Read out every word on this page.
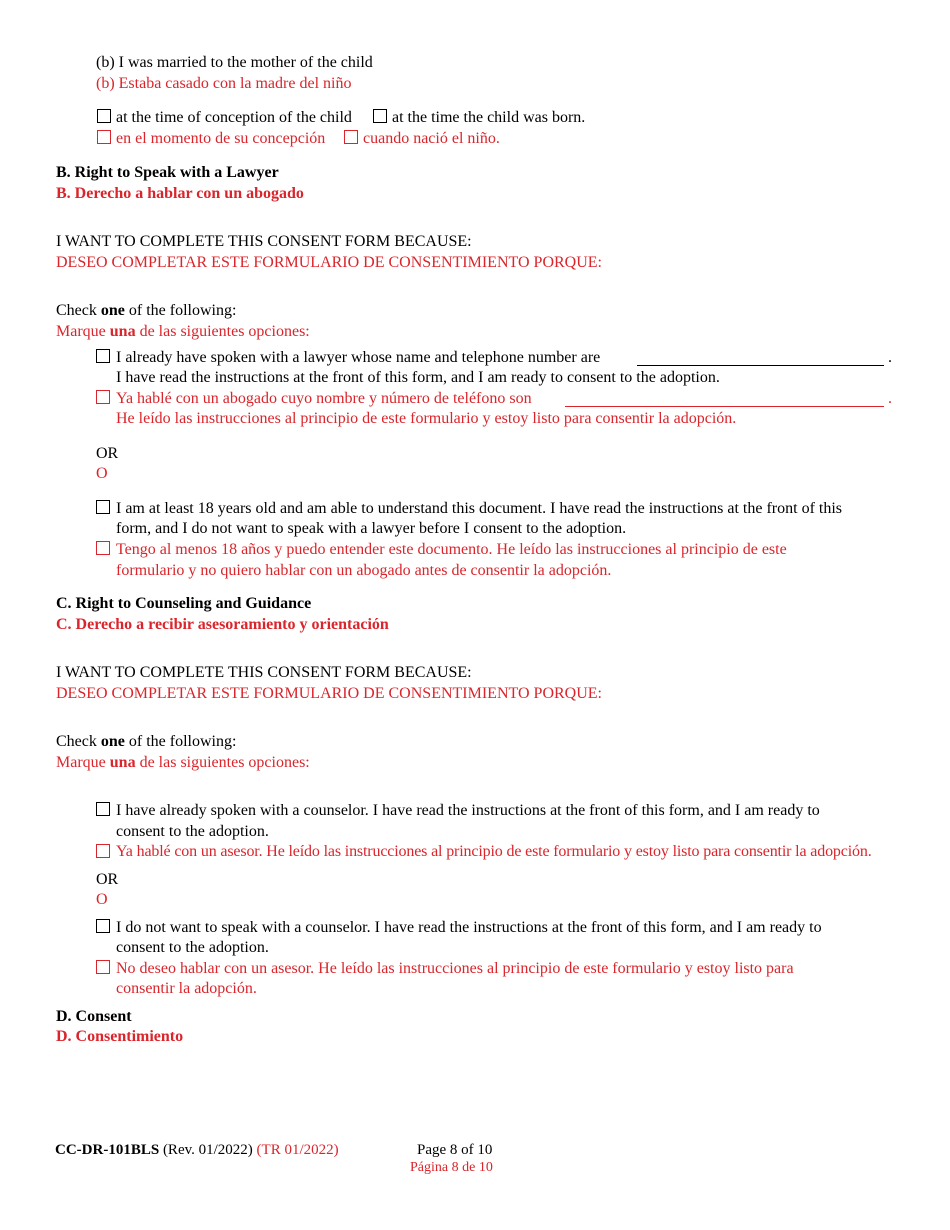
(b) I was married to the mother of the child
(b) Estaba casado con la madre del niño
at the time of conception of the child	at the time the child was born.
en el momento de su concepción cuando nació el niño.
B. Right to Speak with a Lawyer
B. Derecho a hablar con un abogado
I WANT TO COMPLETE THIS CONSENT FORM BECAUSE:
DESEO COMPLETAR ESTE FORMULARIO DE CONSENTIMIENTO PORQUE:
Check one of the following:
Marque una de las siguientes opciones:
I already have spoken with a lawyer whose name and telephone number are	.
I have read the instructions at the front of this form, and I am ready to consent to the adoption.
Ya hablé con un abogado cuyo nombre y número de teléfono son	.
He leído las instrucciones al principio de este formulario y estoy listo para consentir la adopción.
OR
O
I am at least 18 years old and am able to understand this document. I have read the instructions at the front of this
form, and I do not want to speak with a lawyer before I consent to the adoption.
Tengo al menos 18 años y puedo entender este documento. He leído las instrucciones al principio de este
formulario y no quiero hablar con un abogado antes de consentir la adopción.
C. Right to Counseling and Guidance
C. Derecho a recibir asesoramiento y orientación
I WANT TO COMPLETE THIS CONSENT FORM BECAUSE:
DESEO COMPLETAR ESTE FORMULARIO DE CONSENTIMIENTO PORQUE:
Check one of the following:
Marque una de las siguientes opciones:
I have already spoken with a counselor. I have read the instructions at the front of this form, and I am ready to
consent to the adoption.
Ya hablé con un asesor. He leído las instrucciones al principio de este formulario y estoy listo para consentir la adopción.
OR
O
I do not want to speak with a counselor. I have read the instructions at the front of this form, and I am ready to
consent to the adoption.
No deseo hablar con un asesor. He leído las instrucciones al principio de este formulario y estoy listo para
consentir la adopción.
D. Consent
D. Consentimiento
CC-DR-101BLS (Rev. 01/2022) (TR 01/2022)	Page 8 of 10
Página 8 de 10
